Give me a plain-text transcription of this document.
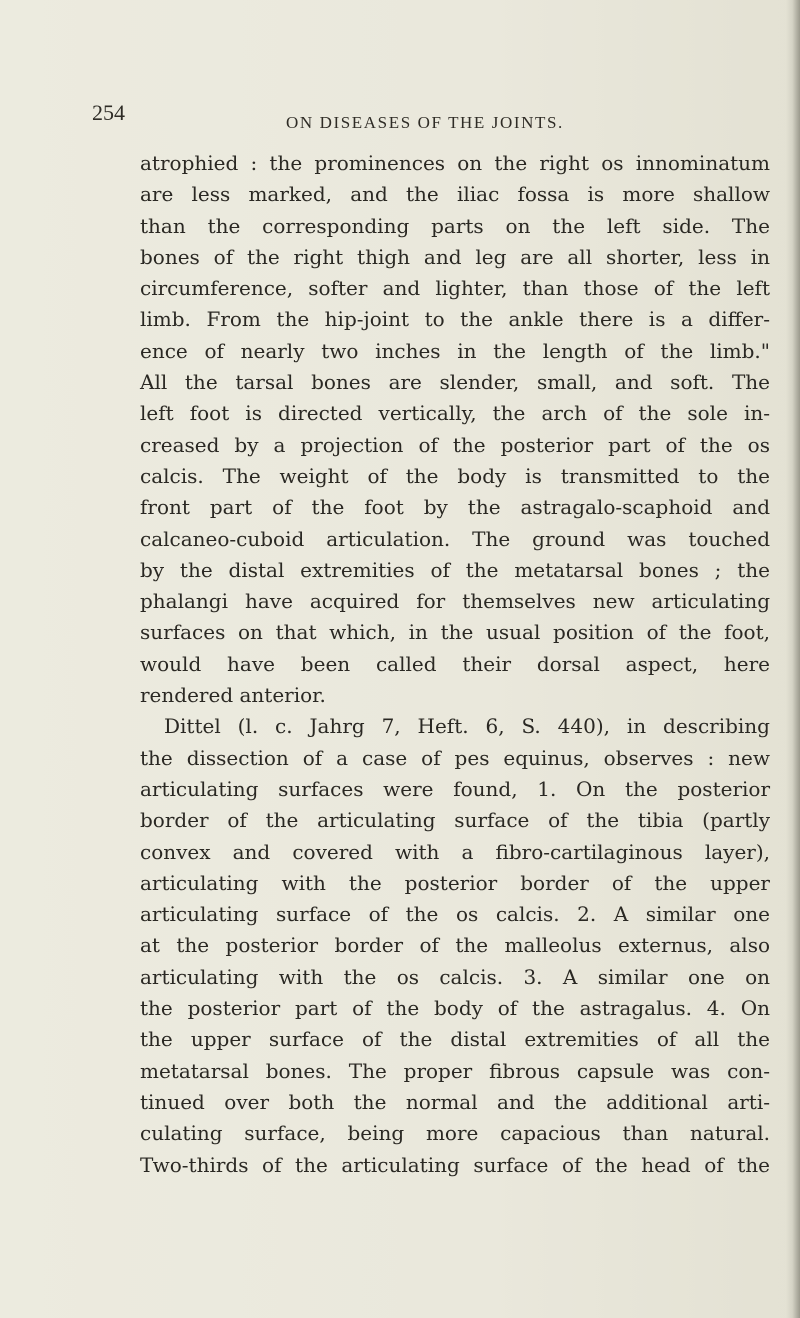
254	ON DISEASES OF THE JOINTS.
atrophied : the prominences on the right os innominatum
are less marked, and the iliac fossa is more shallow
than the corresponding parts on the left side. The
bones of the right thigh and leg are all shorter, less in
circumference, softer and lighter, than those of the left
limb. From the hip-joint to the ankle there is a differ-
ence of nearly two inches in the length of the limb."
All the tarsal bones are slender, small, and soft. The
left foot is directed vertically, the arch of the sole in-
creased by a projection of the posterior part of the os
calcis. The weight of the body is transmitted to the
front part of the foot by the astragalo-scaphoid and
calcaneo-cuboid articulation. The ground was touched
by the distal extremities of the metatarsal bones ; the
phalangi have acquired for themselves new articulating
surfaces on that which, in the usual position of the foot,
would have been called their dorsal aspect, here
rendered anterior.
Dittel (l. c. Jahrg 7, Heft. 6, S. 440), in describing
the dissection of a case of pes equinus, observes : new
articulating surfaces were found, 1. On the posterior
border of the articulating surface of the tibia (partly
convex and covered with a fibro-cartilaginous layer),
articulating with the posterior border of the upper
articulating surface of the os calcis. 2. A similar one
at the posterior border of the malleolus externus, also
articulating with the os calcis. 3. A similar one on
the posterior part of the body of the astragalus. 4. On
the upper surface of the distal extremities of all the
metatarsal bones. The proper fibrous capsule was con-
tinued over both the normal and the additional arti-
culating surface, being more capacious than natural.
Two-thirds of the articulating surface of the head of the
